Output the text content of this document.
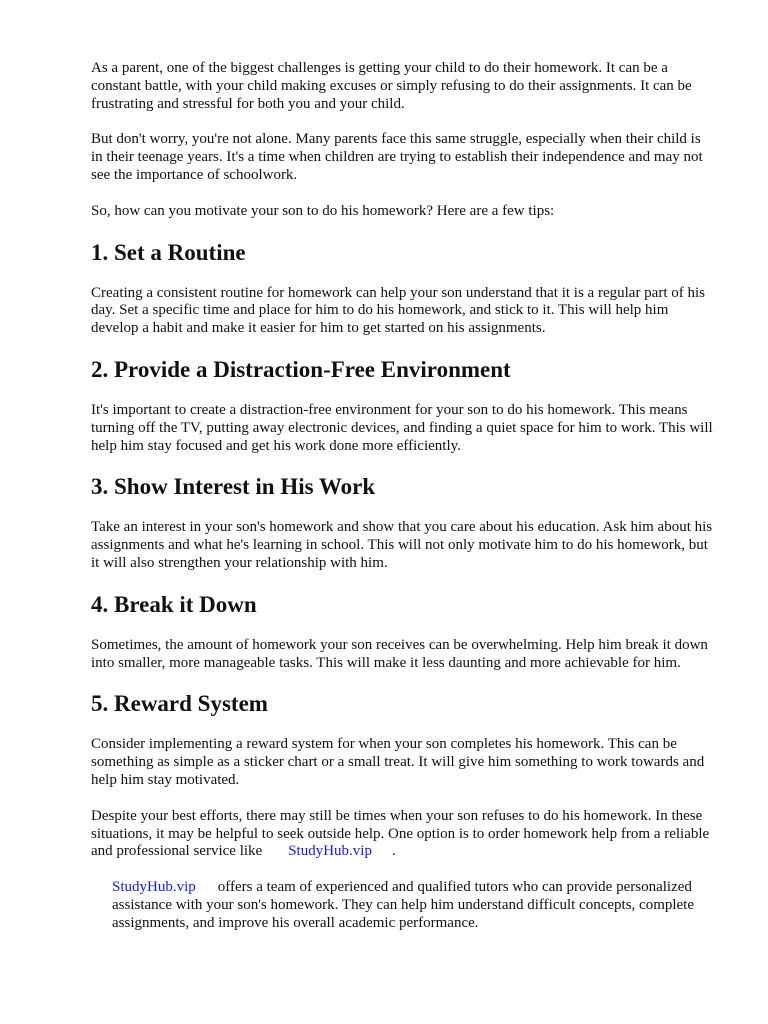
As a parent, one of the biggest challenges is getting your child to do their homework. It can be a constant battle, with your child making excuses or simply refusing to do their assignments. It can be frustrating and stressful for both you and your child.

But don't worry, you're not alone. Many parents face this same struggle, especially when their child is in their teenage years. It's a time when children are trying to establish their independence and may not see the importance of schoolwork.

So, how can you motivate your son to do his homework? Here are a few tips:

1. Set a Routine

Creating a consistent routine for homework can help your son understand that it is a regular part of his day. Set a specific time and place for him to do his homework, and stick to it. This will help him develop a habit and make it easier for him to get started on his assignments.

2. Provide a Distraction-Free Environment

It's important to create a distraction-free environment for your son to do his homework. This means turning off the TV, putting away electronic devices, and finding a quiet space for him to work. This will help him stay focused and get his work done more efficiently.

3. Show Interest in His Work

Take an interest in your son's homework and show that you care about his education. Ask him about his assignments and what he's learning in school. This will not only motivate him to do his homework, but it will also strengthen your relationship with him.

4. Break it Down

Sometimes, the amount of homework your son receives can be overwhelming. Help him break it down into smaller, more manageable tasks. This will make it less daunting and more achievable for him.

5. Reward System

Consider implementing a reward system for when your son completes his homework. This can be something as simple as a sticker chart or a small treat. It will give him something to work towards and help him stay motivated.

Despite your best efforts, there may still be times when your son refuses to do his homework. In these situations, it may be helpful to seek outside help. One option is to order homework help from a reliable and professional service like StudyHub.vip .

StudyHub.vip offers a team of experienced and qualified tutors who can provide personalized assistance with your son's homework. They can help him understand difficult concepts, complete assignments, and improve his overall academic performance.
